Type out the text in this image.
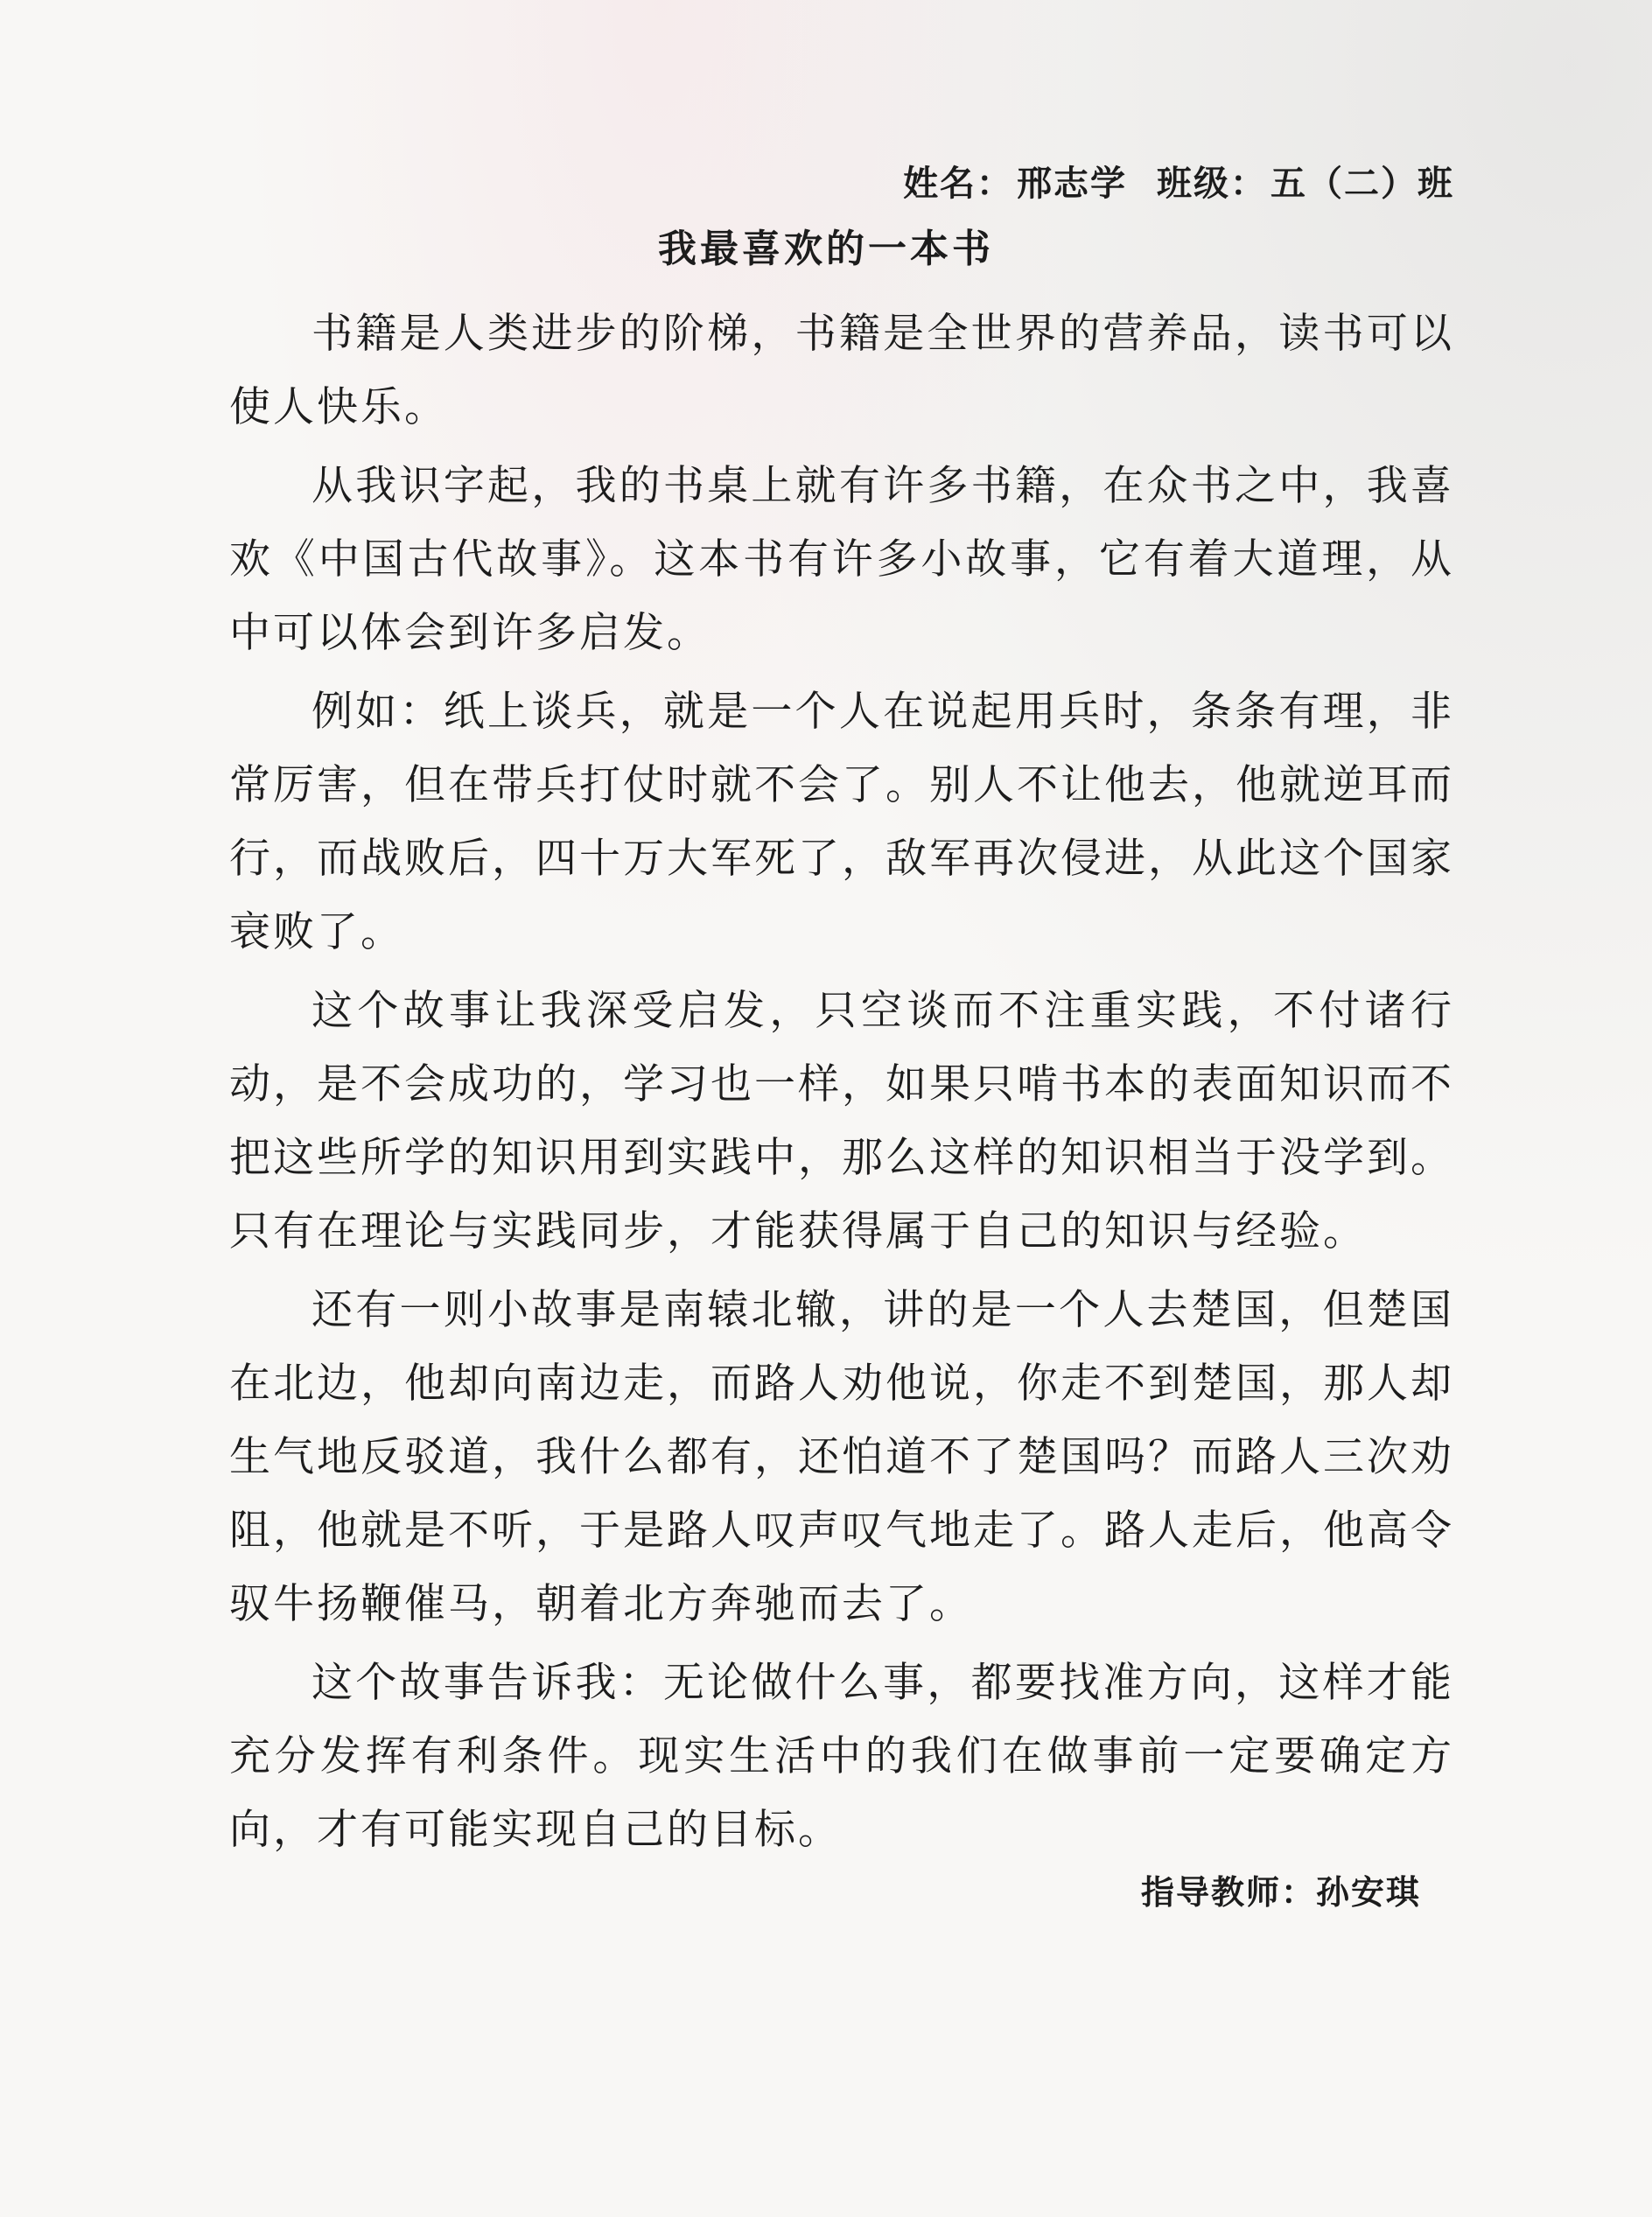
姓名： 邢志学 班级： 五（二）班
我最喜欢的一本书

书籍是人类进步的阶梯，书籍是全世界的营养品，读书可以使人快乐。

从我识字起，我的书桌上就有许多书籍，在众书之中，我喜欢《中国古代故事》。这本书有许多小故事，它有着大道理，从中可以体会到许多启发。

例如：纸上谈兵，就是一个人在说起用兵时，条条有理，非常厉害，但在带兵打仗时就不会了。别人不让他去，他就逆耳而行，而战败后，四十万大军死了，敌军再次侵进，从此这个国家衰败了。

这个故事让我深受启发，只空谈而不注重实践，不付诸行动，是不会成功的，学习也一样，如果只啃书本的表面知识而不把这些所学的知识用到实践中，那么这样的知识相当于没学到。只有在理论与实践同步，才能获得属于自己的知识与经验。

还有一则小故事是南辕北辙，讲的是一个人去楚国，但楚国在北边，他却向南边走，而路人劝他说，你走不到楚国，那人却生气地反驳道，我什么都有，还怕道不了楚国吗？而路人三次劝阻，他就是不听，于是路人叹声叹气地走了。路人走后，他高令驭牛扬鞭催马，朝着北方奔驰而去了。

这个故事告诉我：无论做什么事，都要找准方向，这样才能充分发挥有利条件。现实生活中的我们在做事前一定要确定方向，才有可能实现自己的目标。

指导教师：孙安琪
